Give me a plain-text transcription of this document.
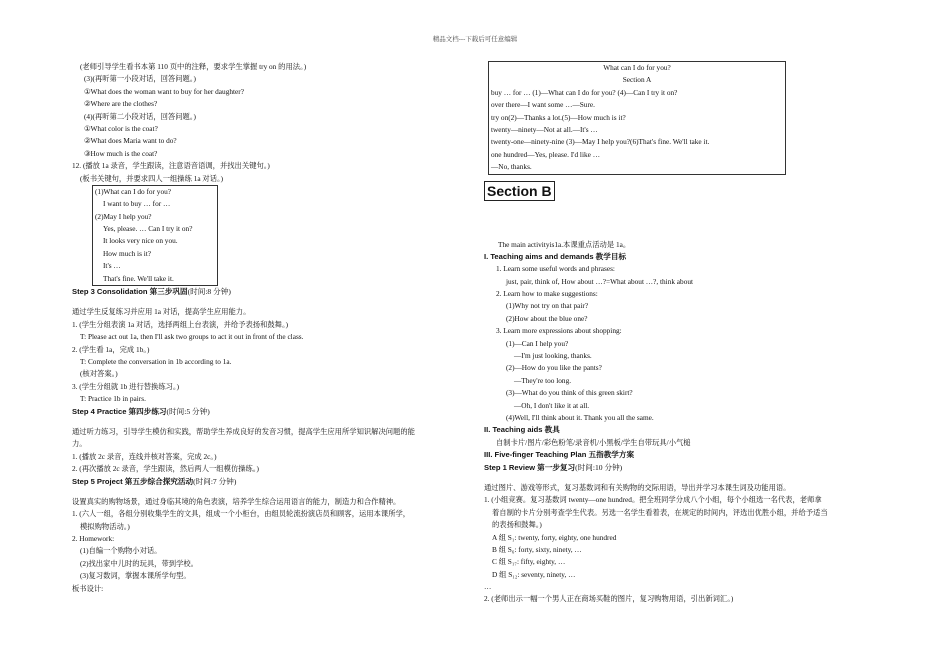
精品文档---下载后可任意编辑
(老师引导学生看书本第 110 页中的注释，要求学生掌握 try on 的用法。)
(3)(再听第一小段对话，回答问题。)
①What does the woman want to buy for her daughter?
②Where are the clothes?
(4)(再听第二小段对话，回答问题。)
①What color is the coat?
②What does Maria want to do?
③How much is the coat?
12. (播放 1a 录音，学生跟读，注意语音语调，并找出关键句。)
(板书关键句，并要求四人一组操练 1a 对话。)
(1)What can I do for you?
I want to buy … for …
(2)May I help you?
Yes, please. … Can I try it on?
It looks very nice on you.
How much is it?
It's …
That's fine. We'll take it.
Step 3 Consolidation 第三步巩固(时间:8 分钟)
通过学生反复练习并应用 1a 对话，提高学生应用能力。
1. (学生分组表演 1a 对话，选择两组上台表演，并给予表扬和鼓舞。)
T: Please act out 1a, then I'll ask two groups to act it out in front of the class.
2. (学生看 1a，完成 1b。)
T: Complete the conversation in 1b according to 1a.
(核对答案。)
3. (学生分组就 1b 进行替换练习。)
T: Practice 1b in pairs.
Step 4 Practice 第四步练习(时间:5 分钟)
通过听力练习，引导学生模仿和实践，帮助学生养成良好的发音习惯，提高学生应用所学知识解决问题的能
力。
1. (播放 2c 录音，连线并核对答案，完成 2c。)
2. (再次播放 2c 录音，学生跟读，然后两人一组模仿操练。)
Step 5 Project 第五步综合探究活动(时间:7 分钟)
设置真实的购物场景，通过身临其境的角色表演，培养学生综合运用语言的能力，制造力和合作精神。
1. (六人一组，各组分别收集学生的文具，组成一个小柜台，由组员轮流扮演店员和顾客，运用本课所学，
模拟购物活动。)
2. Homework:
(1)自编一个购物小对话。
(2)找出家中儿时的玩具，带到学校。
(3)复习数词，掌握本课所学句型。
板书设计:
What can I do for you?
Section A
buy … for … (1)—What can I do for you? (4)—Can I try it on?
over there—I want some …—Sure.
try on(2)—Thanks a lot.(5)—How much is it?
twenty—ninety—Not at all.—It's …
twenty-one—ninety-nine (3)—May I help you?(6)That's fine. We'll take it.
one hundred—Yes, please. I'd like …
—No, thanks.
Section B
The main activityis1a.本课重点活动是 1a。
I. Teaching aims and demands 教学目标
1. Learn some useful words and phrases:
just, pair, think of, How about …?=What about …?, think about
2. Learn how to make suggestions:
(1)Why not try on that pair?
(2)How about the blue one?
3. Learn more expressions about shopping:
(1)—Can I help you?
—I'm just looking, thanks.
(2)—How do you like the pants?
—They're too long.
(3)—What do you think of this green skirt?
—Oh, I don't like it at all.
(4)Well, I'll think about it. Thank you all the same.
II. Teaching aids 教具
自制卡片/图片/彩色粉笔/录音机/小黑板/学生自带玩具/小气槌
III. Five-finger Teaching Plan 五指教学方案
Step 1 Review 第一步复习(时间:10 分钟)
通过图片、游戏等形式，复习基数词和有关购物的交际用语，导出并学习本课生词及功能用语。
1. (小组竞赛。复习基数词 twenty—one hundred。把全班同学分成八个小组，每个小组选一名代表，老师拿
着自制的卡片分别考查学生代表。另选一名学生看着表，在规定的时间内，评选出优胜小组，并给予适当
的表扬和鼓舞。)
A 组 S₁: twenty, forty, eighty, one hundred
B 组 S₆: forty, sixty, ninety, …
C 组 S₁₇: fifty, eighty, …
D 组 S₁₂: seventy, ninety, …
…
2. (老师出示一幅一个男人正在商场买鞋的图片，复习购物用语，引出新词汇。)
